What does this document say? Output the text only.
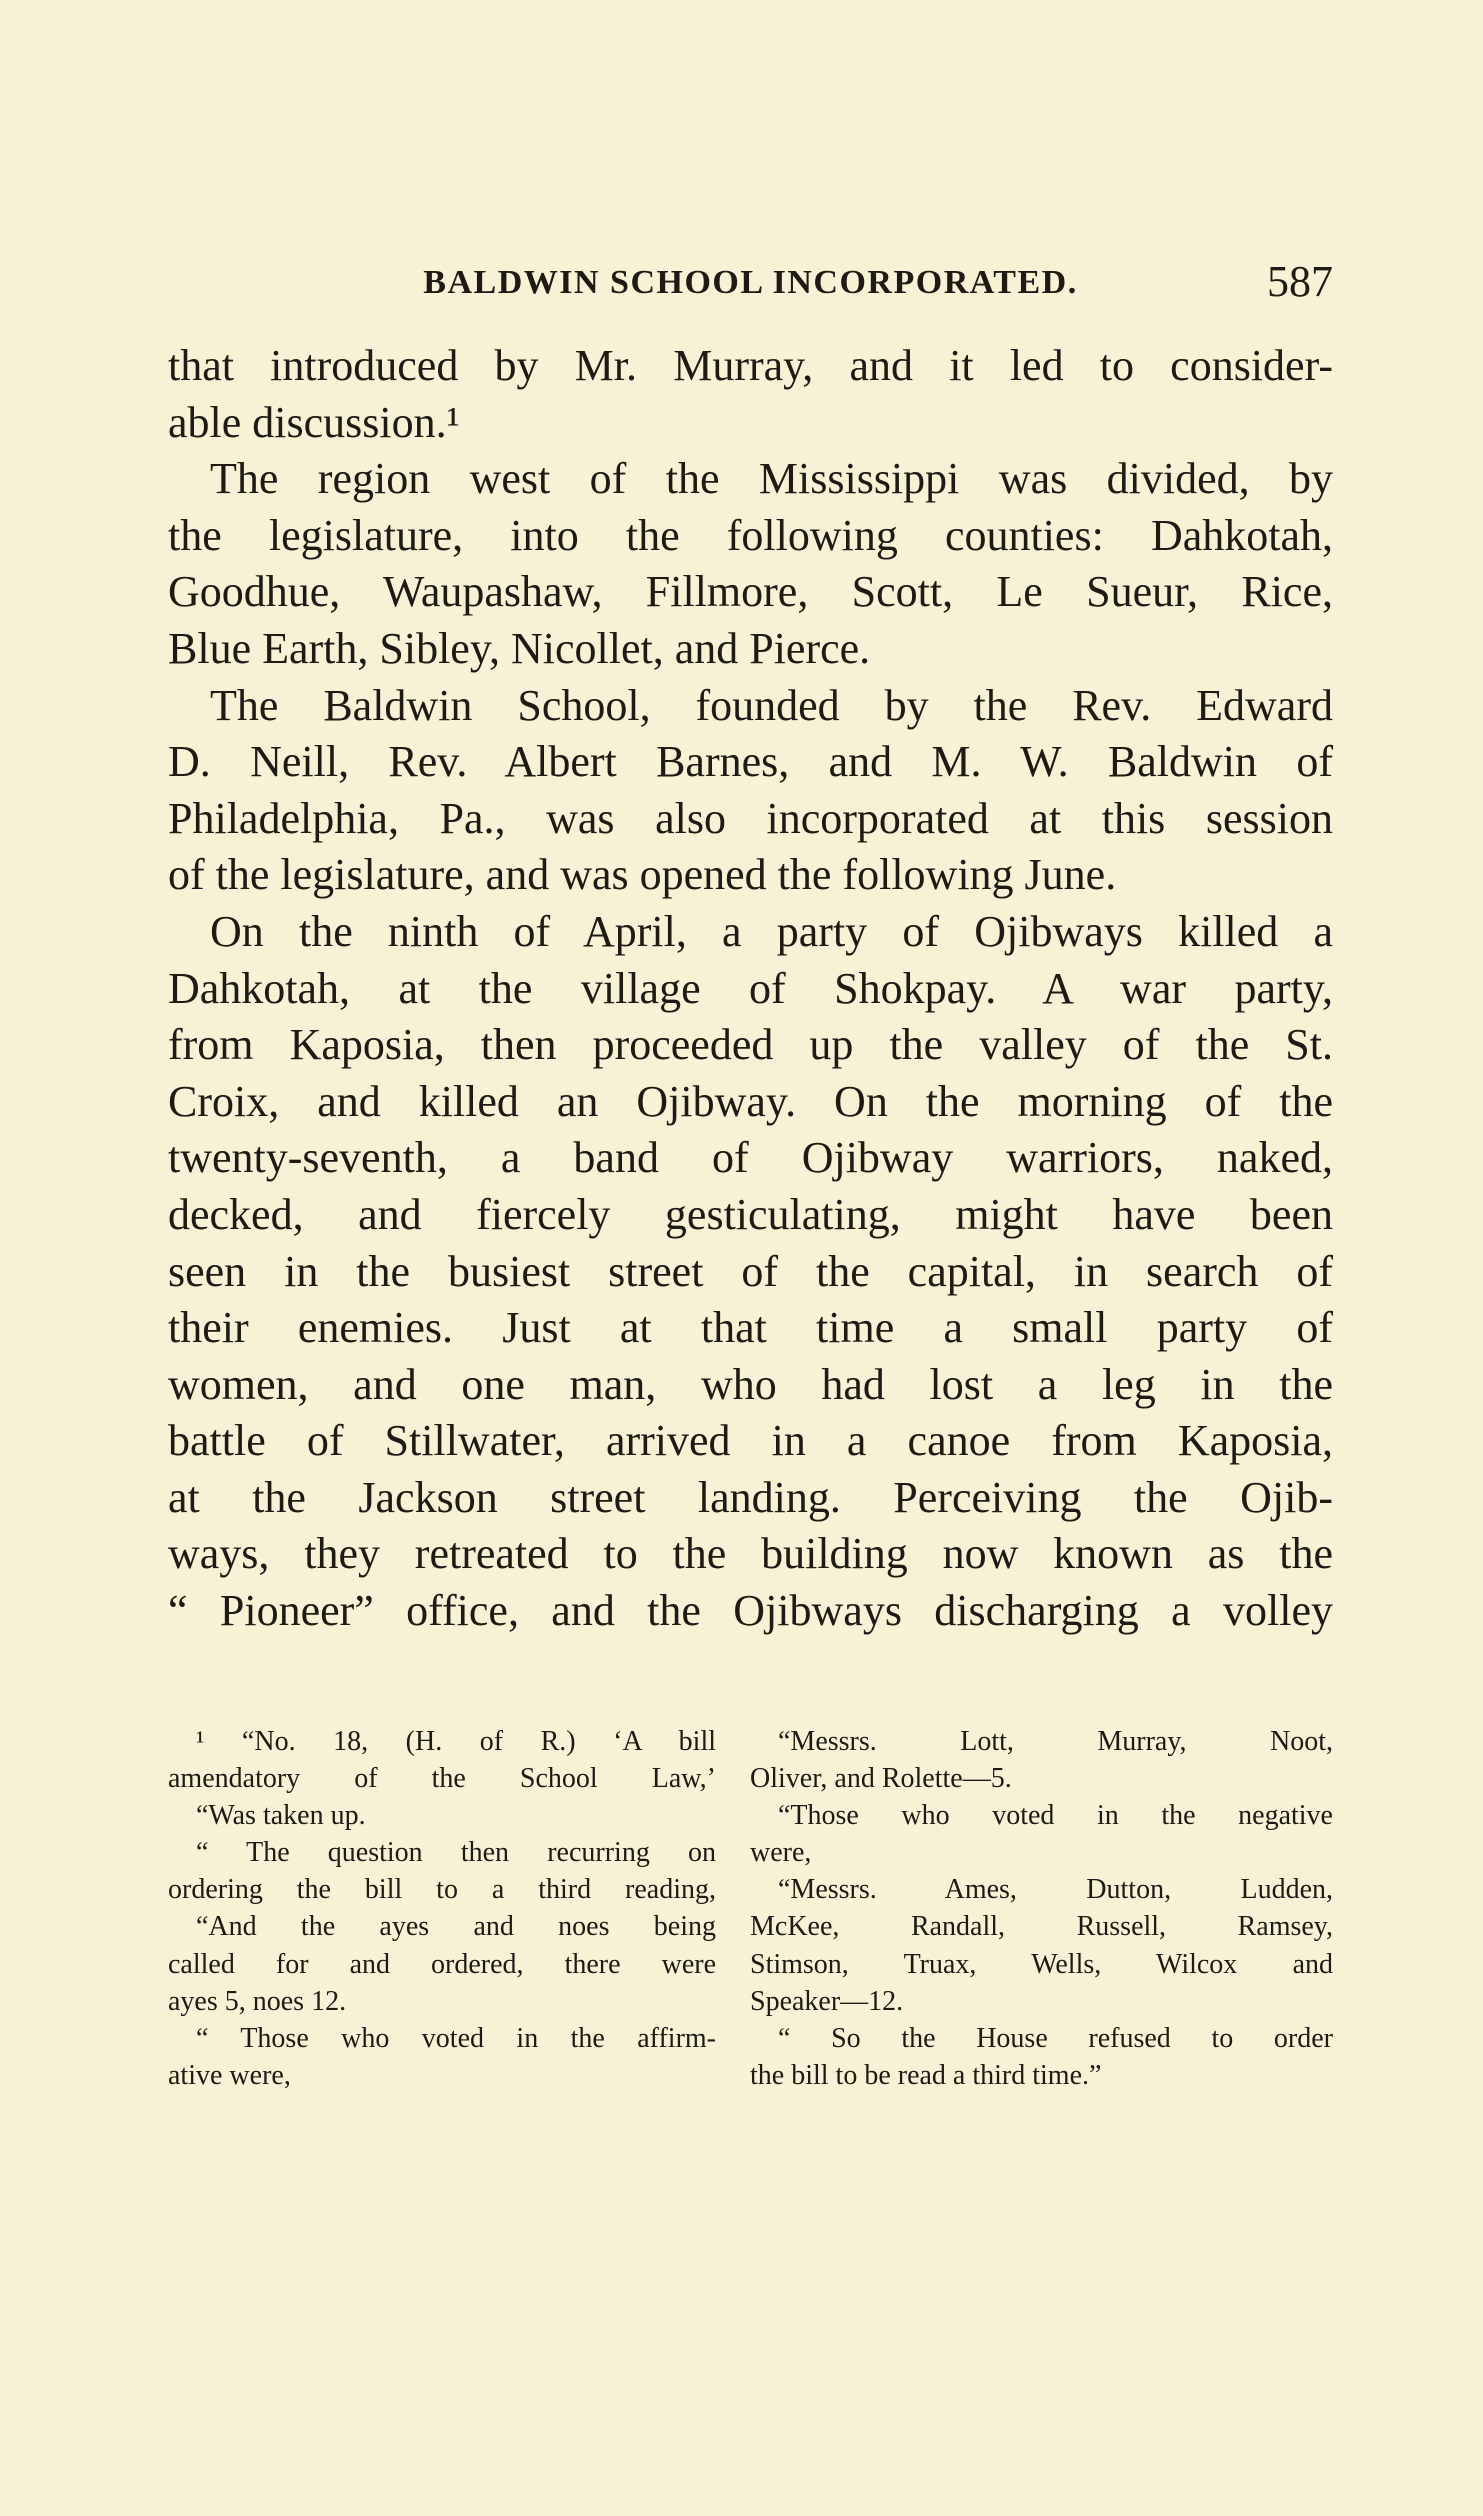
BALDWIN SCHOOL INCORPORATED.	587
that introduced by Mr. Murray, and it led to consider-
able discussion.¹
The region west of the Mississippi was divided, by
the legislature, into the following counties: Dahkotah,
Goodhue, Waupashaw, Fillmore, Scott, Le Sueur, Rice,
Blue Earth, Sibley, Nicollet, and Pierce.
The Baldwin School, founded by the Rev. Edward
D. Neill, Rev. Albert Barnes, and M. W. Baldwin of
Philadelphia, Pa., was also incorporated at this session
of the legislature, and was opened the following June.
On the ninth of April, a party of Ojibways killed a
Dahkotah, at the village of Shokpay. A war party,
from Kaposia, then proceeded up the valley of the St.
Croix, and killed an Ojibway. On the morning of the
twenty-seventh, a band of Ojibway warriors, naked,
decked, and fiercely gesticulating, might have been
seen in the busiest street of the capital, in search of
their enemies. Just at that time a small party of
women, and one man, who had lost a leg in the
battle of Stillwater, arrived in a canoe from Kaposia,
at the Jackson street landing. Perceiving the Ojib-
ways, they retreated to the building now known as the
“ Pioneer” office, and the Ojibways discharging a volley
¹ “No. 18, (H. of R.) ‘A bill
amendatory of the School Law,’
“Was taken up.
“ The question then recurring on
ordering the bill to a third reading,
“And the ayes and noes being
called for and ordered, there were
ayes 5, noes 12.
“ Those who voted in the affirm-
ative were,
“Messrs. Lott, Murray, Noot,
Oliver, and Rolette—5.
“Those who voted in the negative
were,
“Messrs. Ames, Dutton, Ludden,
McKee, Randall, Russell, Ramsey,
Stimson, Truax, Wells, Wilcox and
Speaker—12.
“ So the House refused to order
the bill to be read a third time.”
